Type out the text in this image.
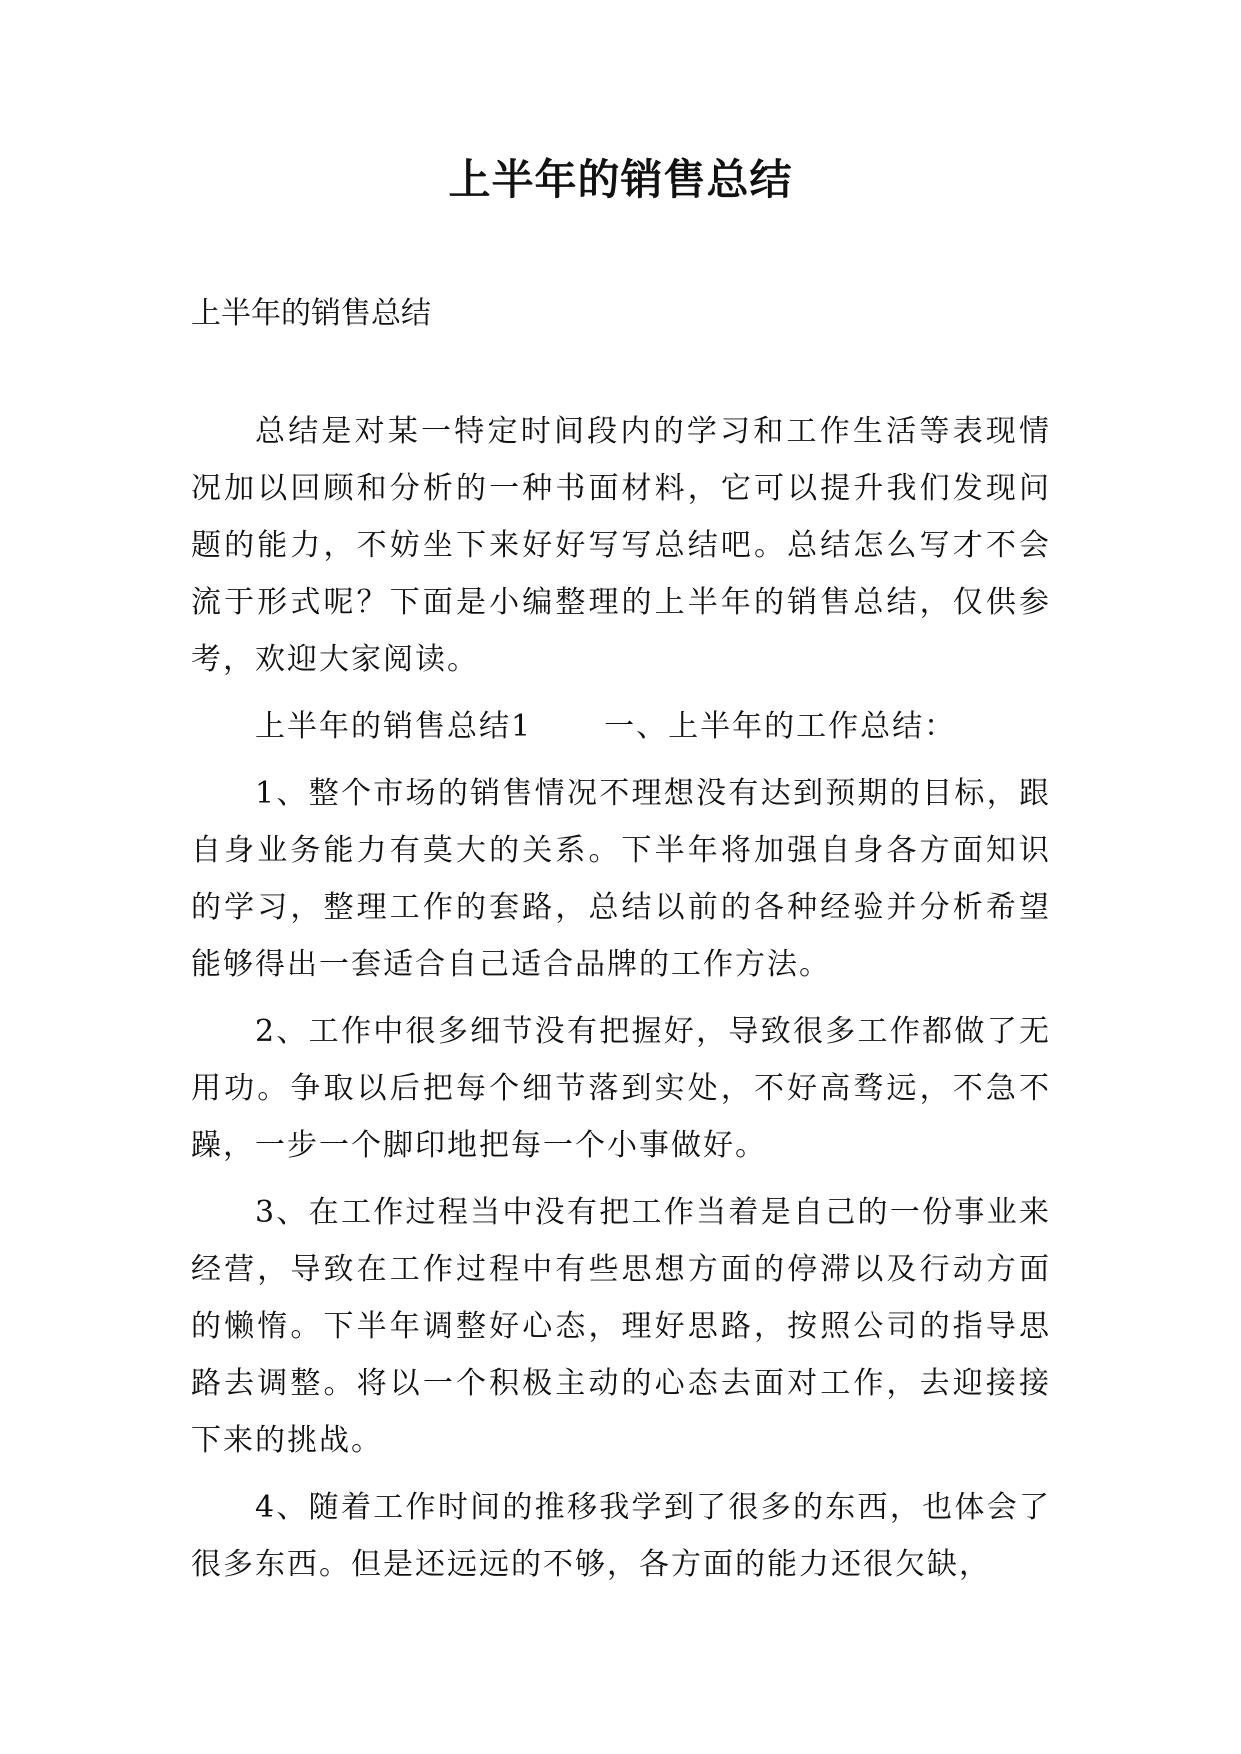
上半年的销售总结

上半年的销售总结

总结是对某一特定时间段内的学习和工作生活等表现情况加以回顾和分析的一种书面材料，它可以提升我们发现问题的能力，不妨坐下来好好写写总结吧。总结怎么写才不会流于形式呢？下面是小编整理的上半年的销售总结，仅供参考，欢迎大家阅读。

上半年的销售总结1 一、上半年的工作总结：

1、整个市场的销售情况不理想没有达到预期的目标，跟自身业务能力有莫大的关系。下半年将加强自身各方面知识的学习，整理工作的套路，总结以前的各种经验并分析希望能够得出一套适合自己适合品牌的工作方法。

2、工作中很多细节没有把握好，导致很多工作都做了无用功。争取以后把每个细节落到实处，不好高骛远，不急不躁，一步一个脚印地把每一个小事做好。

3、在工作过程当中没有把工作当着是自己的一份事业来经营，导致在工作过程中有些思想方面的停滞以及行动方面的懒惰。下半年调整好心态，理好思路，按照公司的指导思路去调整。将以一个积极主动的心态去面对工作，去迎接接下来的挑战。

4、随着工作时间的推移我学到了很多的东西，也体会了很多东西。但是还远远的不够，各方面的能力还很欠缺，
